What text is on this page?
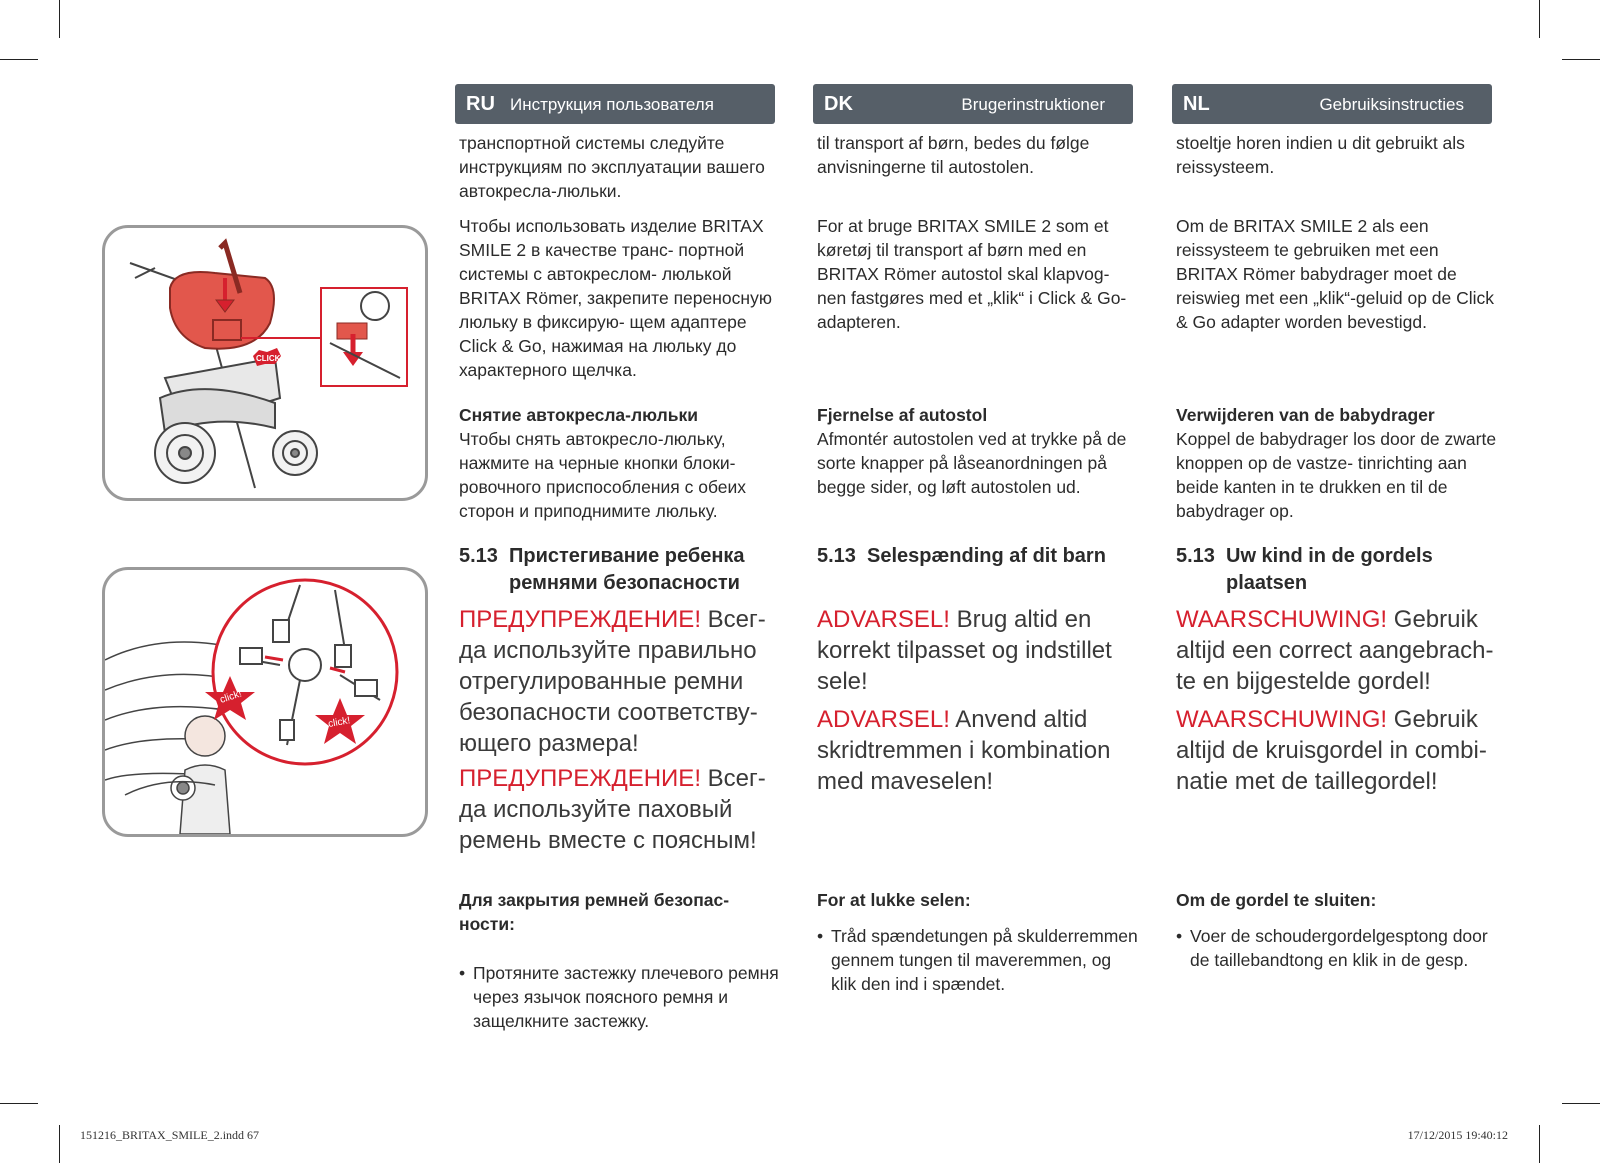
CLICK!
click!
click!
RU Инструкция пользователя

транспортной системы следуйте инструкциям по эксплуатации вашего автокресла-люльки.

Чтобы использовать изделие BRITAX SMILE 2 в качестве транс- портной системы с автокреслом- люлькой BRITAX Römer, закрепите переносную люльку в фиксирую- щем адаптере Click & Go, нажимая на люльку до характерного щелчка.

Снятие автокресла-люльки

Чтобы снять автокресло-люльку, нажмите на черные кнопки блоки- ровочного приспособления с обеих сторон и приподнимите люльку.

5.13 Пристегивание ребенка
ремнями безопасности
ПРЕДУПРЕЖДЕНИЕ! Всег- да используйте правильно отрегулированные ремни безопасности соответству- ющего размера!
ПРЕДУПРЕЖДЕНИЕ! Всег- да используйте паховый ремень вместе с поясным!

Для закрытия ремней безопас- ности:

• Протяните застежку плечевого ремня через язычок поясного ремня и защелкните застежку.

DK	Brugerinstruktioner

til transport af børn, bedes du følge anvisningerne til autostolen.

For at bruge BRITAX SMILE 2 som et køretøj til transport af børn med en BRITAX Römer autostol skal klapvog- nen fastgøres med et „klik“ i Click & Go-adapteren.

Fjernelse af autostol

Afmontér autostolen ved at trykke på de sorte knapper på låseanordningen på begge sider, og løft autostolen ud.

5.13 Selespænding af dit barn
ADVARSEL! Brug altid en korrekt tilpasset og indstillet sele!
ADVARSEL! Anvend altid skridtremmen i kombination med maveselen!

For at lukke selen:

• Tråd spændetungen på skulderremmen gennem tungen til maveremmen, og klik den ind i spændet.

NL	Gebruiksinstructies

stoeltje horen indien u dit gebruikt als reissysteem.

Om de BRITAX SMILE 2 als een reissysteem te gebruiken met een BRITAX Römer babydrager moet de reiswieg met een „klik“-geluid op de Click & Go adapter worden bevestigd.

Verwijderen van de babydrager

Koppel de babydrager los door de zwarte knoppen op de vastze- tinrichting aan beide kanten in te drukken en til de babydrager op.

5.13 Uw kind in de gordels
plaatsen
WAARSCHUWING! Gebruik altijd een correct aangebrach- te en bijgestelde gordel!
WAARSCHUWING! Gebruik altijd de kruisgordel in combi- natie met de taillegordel!

Om de gordel te sluiten:

• Voer de schoudergordelgesptong door de taillebandtong en klik in de gesp.

151216_BRITAX_SMILE_2.indd 67	17/12/2015 19:40:12
